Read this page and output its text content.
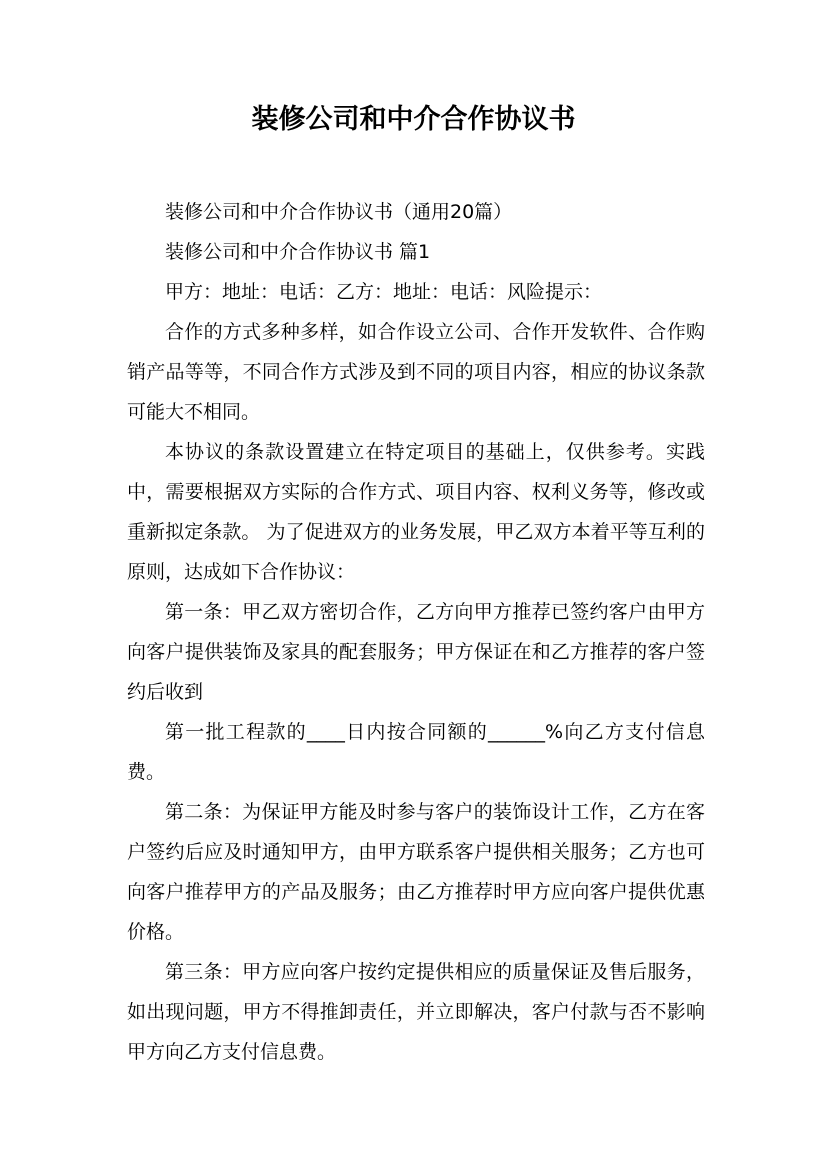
装修公司和中介合作协议书

装修公司和中介合作协议书（通用20篇）

装修公司和中介合作协议书 篇1

甲方：地址：电话：乙方：地址：电话：风险提示：

合作的方式多种多样，如合作设立公司、合作开发软件、合作购销产品等等，不同合作方式涉及到不同的项目内容，相应的协议条款可能大不相同。

本协议的条款设置建立在特定项目的基础上，仅供参考。实践中，需要根据双方实际的合作方式、项目内容、权利义务等，修改或重新拟定条款。 为了促进双方的业务发展，甲乙双方本着平等互利的原则，达成如下合作协议：

第一条：甲乙双方密切合作，乙方向甲方推荐已签约客户由甲方向客户提供装饰及家具的配套服务；甲方保证在和乙方推荐的客户签约后收到

第一批工程款的____日内按合同额的______%向乙方支付信息费。

第二条：为保证甲方能及时参与客户的装饰设计工作，乙方在客户签约后应及时通知甲方，由甲方联系客户提供相关服务；乙方也可向客户推荐甲方的产品及服务；由乙方推荐时甲方应向客户提供优惠价格。

第三条：甲方应向客户按约定提供相应的质量保证及售后服务，如出现问题，甲方不得推卸责任，并立即解决，客户付款与否不影响甲方向乙方支付信息费。
